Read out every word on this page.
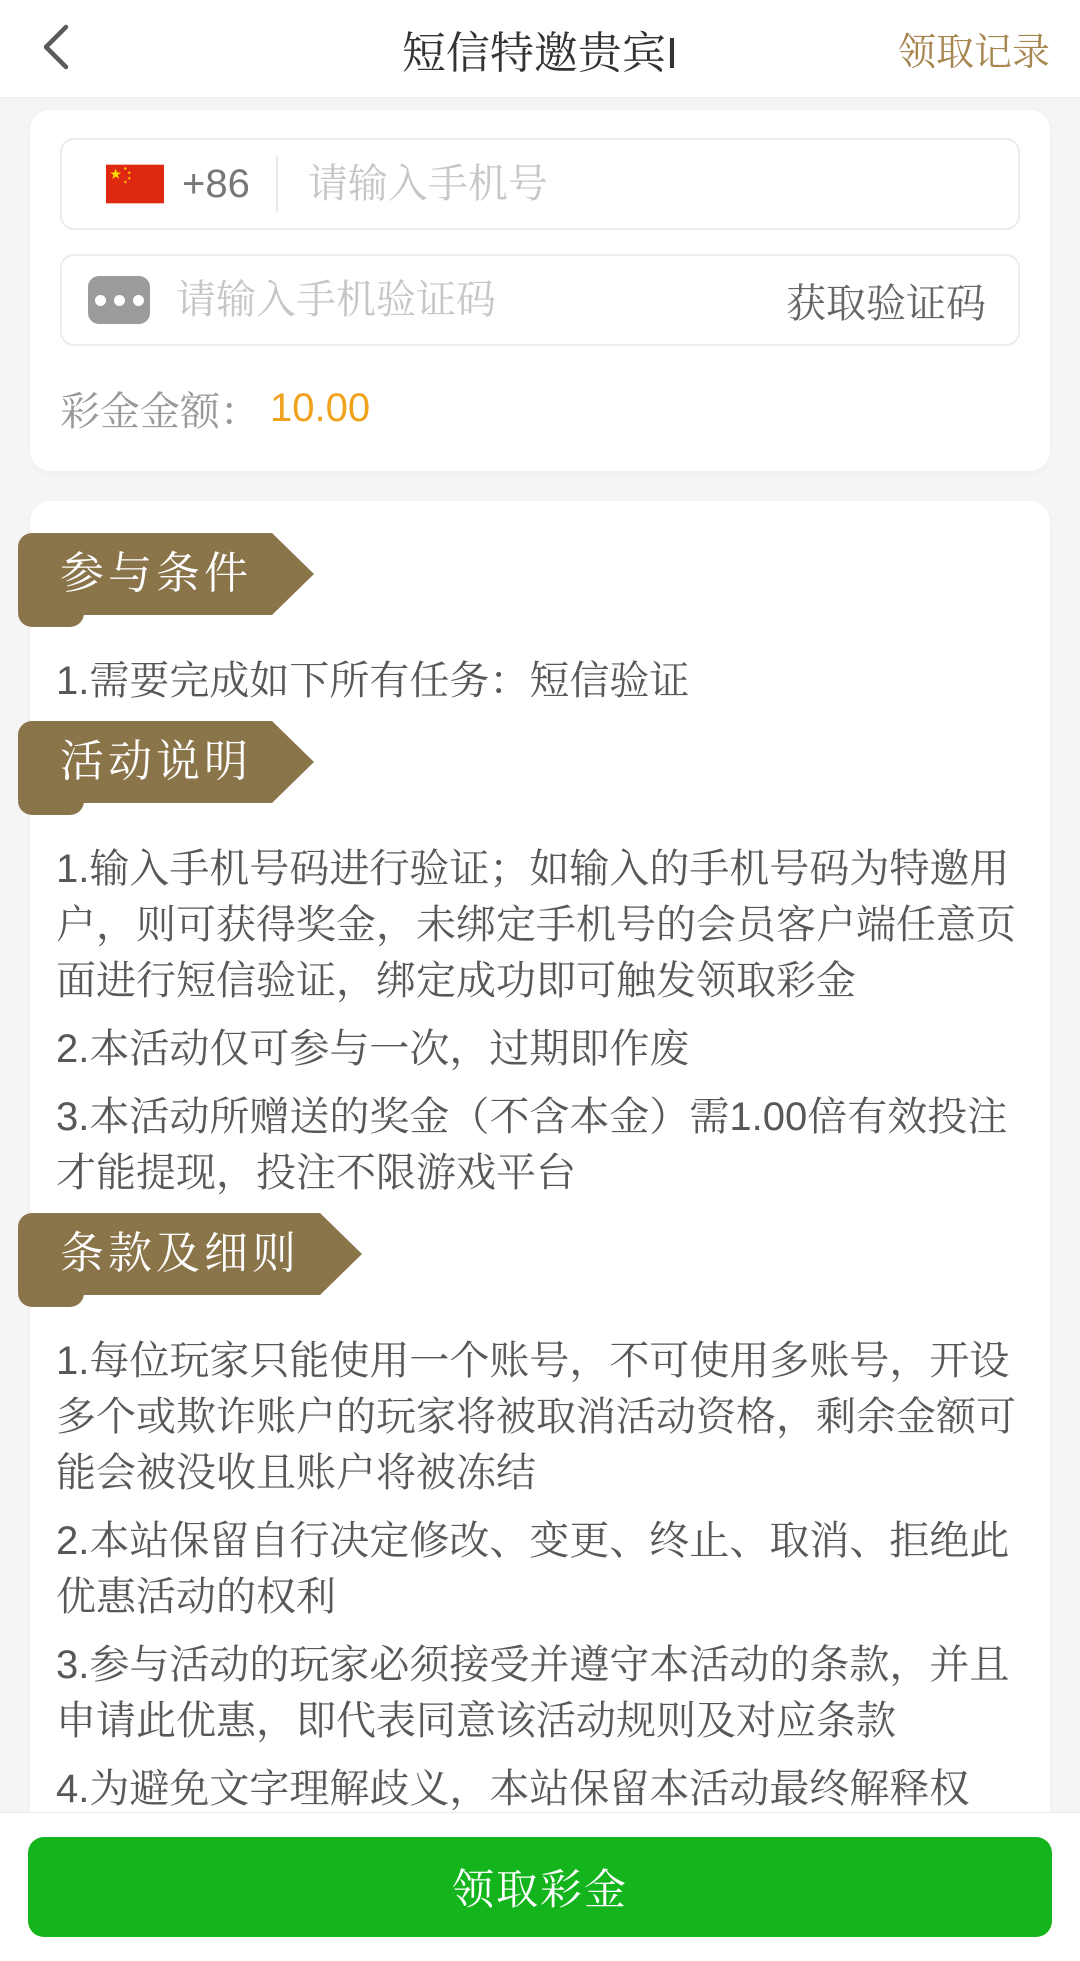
短信特邀贵宾I	领取记录
+86
请输入手机号
请输入手机验证码
获取验证码
彩金金额： 10.00
参与条件

1.需要完成如下所有任务：短信验证

活动说明

1.输入手机号码进行验证；如输入的手机号码为特邀用户，则可获得奖金，未绑定手机号的会员客户端任意页面进行短信验证，绑定成功即可触发领取彩金

2.本活动仅可参与一次，过期即作废

3.本活动所赠送的奖金（不含本金）需1.00倍有效投注才能提现，投注不限游戏平台

条款及细则

1.每位玩家只能使用一个账号，不可使用多账号，开设多个或欺诈账户的玩家将被取消活动资格，剩余金额可能会被没收且账户将被冻结

2.本站保留自行决定修改、变更、终止、取消、拒绝此优惠活动的权利

3.参与活动的玩家必须接受并遵守本活动的条款，并且申请此优惠，即代表同意该活动规则及对应条款

4.为避免文字理解歧义，本站保留本活动最终解释权

领取彩金
